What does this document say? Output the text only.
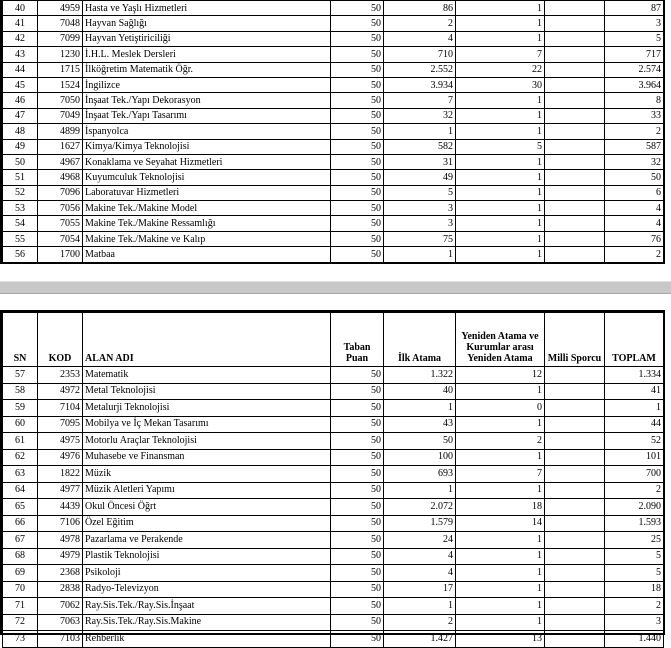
40	4959	Hasta ve Yaşlı Hizmetleri	50	86	1		87
41	7048	Hayvan Sağlığı	50	2	1		3
42	7099	Hayvan Yetiştiriciliği	50	4	1		5
43	1230	İ.H.L. Meslek Dersleri	50	710	7		717
44	1715	İlköğretim Matematik Öğr.	50	2.552	22		2.574
45	1524	İngilizce	50	3.934	30		3.964
46	7050	İnşaat Tek./Yapı Dekorasyon	50	7	1		8
47	7049	İnşaat Tek./Yapı Tasarımı	50	32	1		33
48	4899	İspanyolca	50	1	1		2
49	1627	Kimya/Kimya Teknolojisi	50	582	5		587
50	4967	Konaklama ve Seyahat Hizmetleri	50	31	1		32
51	4968	Kuyumculuk Teknolojisi	50	49	1		50
52	7096	Laboratuvar Hizmetleri	50	5	1		6
53	7056	Makine Tek./Makine Model	50	3	1		4
54	7055	Makine Tek./Makine Ressamlığı	50	3	1		4
55	7054	Makine Tek./Makine ve Kalıp	50	75	1		76
56	1700	Matbaa	50	1	1		2
SN	KOD	ALAN ADI	Taban Puan	İlk Atama	Yeniden Atama ve Kurumlar arası Yeniden Atama	Milli Sporcu	TOPLAM
57	2353	Matematik	50	1.322	12		1.334
58	4972	Metal Teknolojisi	50	40	1		41
59	7104	Metalurji Teknolojisi	50	1	0		1
60	7095	Mobilya ve İç Mekan Tasarımı	50	43	1		44
61	4975	Motorlu Araçlar Teknolojisi	50	50	2		52
62	4976	Muhasebe ve Finansman	50	100	1		101
63	1822	Müzik	50	693	7		700
64	4977	Müzik Aletleri Yapımı	50	1	1		2
65	4439	Okul Öncesi Öğrt	50	2.072	18		2.090
66	7106	Özel Eğitim	50	1.579	14		1.593
67	4978	Pazarlama ve Perakende	50	24	1		25
68	4979	Plastik Teknolojisi	50	4	1		5
69	2368	Psikoloji	50	4	1		5
70	2838	Radyo-Televizyon	50	17	1		18
71	7062	Ray.Sis.Tek./Ray.Sis.İnşaat	50	1	1		2
72	7063	Ray.Sis.Tek./Ray.Sis.Makine	50	2	1		3
73	7103	Rehberlik	50	1.427	13		1.440
